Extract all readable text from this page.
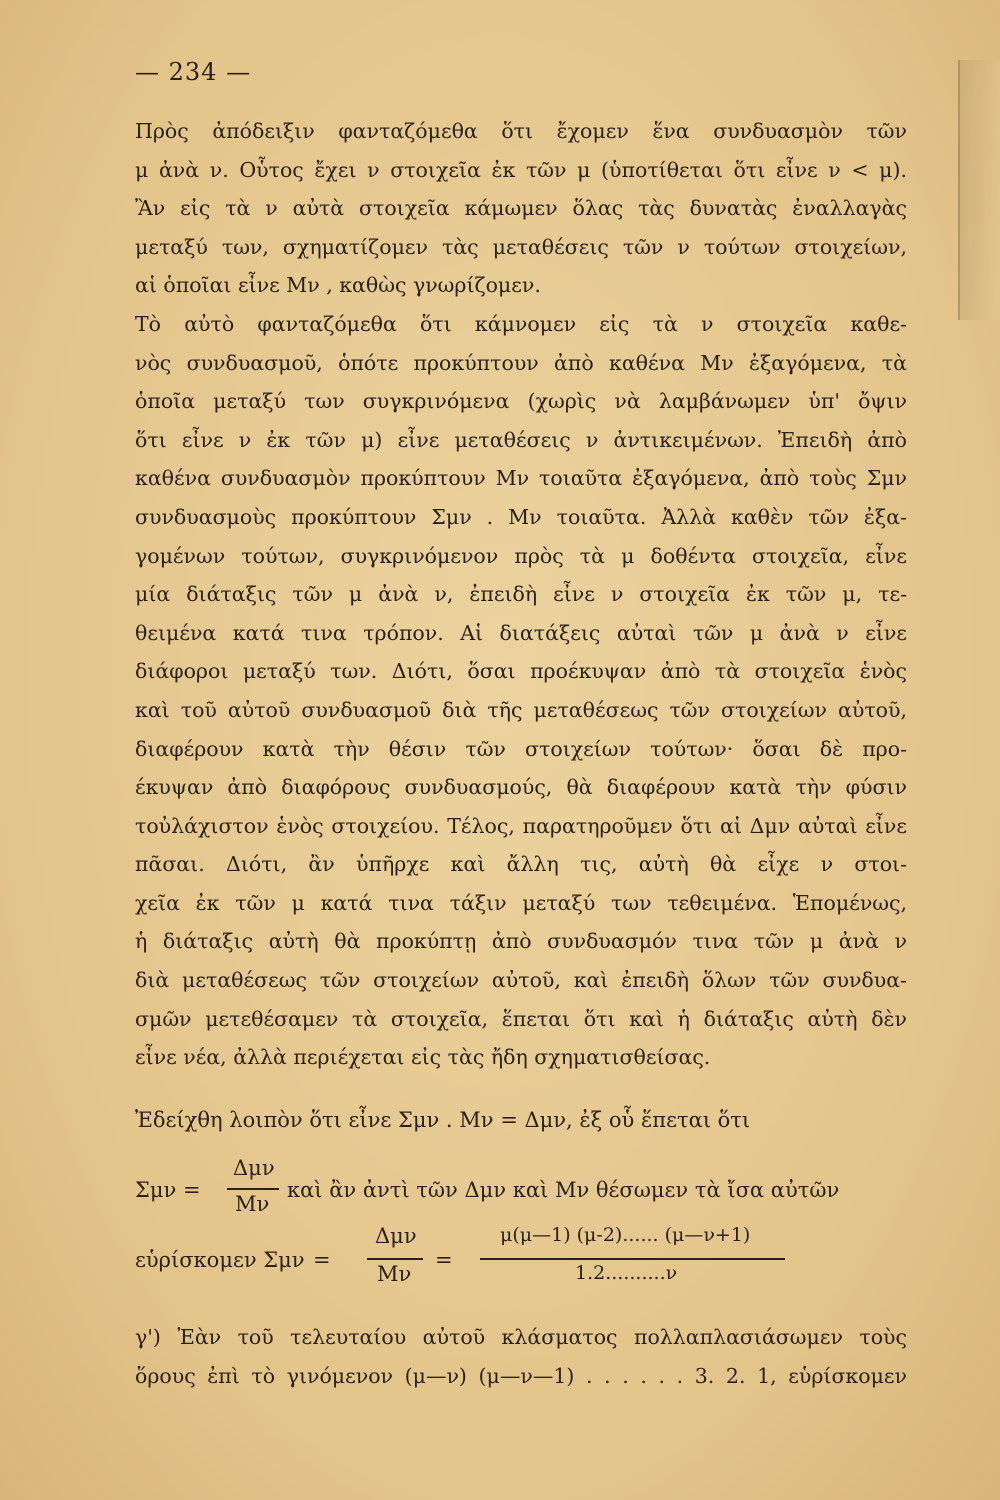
— 234 —
Πρὸς ἀπόδειξιν φανταζόμεθα ὅτι ἔχομεν ἕνα συνδυασμὸν τῶν
μ ἀνὰ ν. Οὗτος ἔχει ν στοιχεῖα ἐκ τῶν μ (ὑποτίθεται ὅτι εἶνε ν < μ).
Ἂν εἰς τὰ ν αὐτὰ στοιχεῖα κάμωμεν ὅλας τὰς δυνατὰς ἐναλλαγὰς
μεταξύ των, σχηματίζομεν τὰς μεταθέσεις τῶν ν τούτων στοιχείων,
αἱ ὁποῖαι εἶνε Mν , καθὼς γνωρίζομεν.
Τὸ αὐτὸ φανταζόμεθα ὅτι κάμνομεν εἰς τὰ ν στοιχεῖα καθε-
νὸς συνδυασμοῦ, ὁπότε προκύπτουν ἀπὸ καθένα Mν ἐξαγόμενα, τὰ
ὁποῖα μεταξύ των συγκρινόμενα (χωρὶς νὰ λαμβάνωμεν ὑπ' ὄψιν
ὅτι εἶνε ν ἐκ τῶν μ) εἶνε μεταθέσεις ν ἀντικειμένων. Ἐπειδὴ ἀπὸ
καθένα συνδυασμὸν προκύπτουν Mν τοιαῦτα ἐξαγόμενα, ἀπὸ τοὺς Σμν
συνδυασμοὺς προκύπτουν Σμν . Mν τοιαῦτα. Ἀλλὰ καθὲν τῶν ἐξα-
γομένων τούτων, συγκρινόμενον πρὸς τὰ μ δοθέντα στοιχεῖα, εἶνε
μία διάταξις τῶν μ ἀνὰ ν, ἐπειδὴ εἶνε ν στοιχεῖα ἐκ τῶν μ, τε-
θειμένα κατά τινα τρόπον. Αἱ διατάξεις αὐταὶ τῶν μ ἀνὰ ν εἶνε
διάφοροι μεταξύ των. Διότι, ὅσαι προέκυψαν ἀπὸ τὰ στοιχεῖα ἑνὸς
καὶ τοῦ αὐτοῦ συνδυασμοῦ διὰ τῆς μεταθέσεως τῶν στοιχείων αὐτοῦ,
διαφέρουν κατὰ τὴν θέσιν τῶν στοιχείων τούτων· ὅσαι δὲ προ-
έκυψαν ἀπὸ διαφόρους συνδυασμούς, θὰ διαφέρουν κατὰ τὴν φύσιν
τοὐλάχιστον ἑνὸς στοιχείου. Τέλος, παρατηροῦμεν ὅτι αἱ Δμν αὐταὶ εἶνε
πᾶσαι. Διότι, ἂν ὑπῆρχε καὶ ἄλλη τις, αὐτὴ θὰ εἶχε ν στοι-
χεῖα ἐκ τῶν μ κατά τινα τάξιν μεταξύ των τεθειμένα. Ἑπομένως,
ἡ διάταξις αὐτὴ θὰ προκύπτῃ ἀπὸ συνδυασμόν τινα τῶν μ ἀνὰ ν
διὰ μεταθέσεως τῶν στοιχείων αὐτοῦ, καὶ ἐπειδὴ ὅλων τῶν συνδυα-
σμῶν μετεθέσαμεν τὰ στοιχεῖα, ἕπεται ὅτι καὶ ἡ διάταξις αὐτὴ δὲν
εἶνε νέα, ἀλλὰ περιέχεται εἰς τὰς ἤδη σχηματισθείσας.
Ἐδείχθη λοιπὸν ὅτι εἶνε Σμν . Mν = Δμν, ἐξ οὗ ἕπεται ὅτι
Σμν =
Δμν
Mν
καὶ ἂν ἀντὶ τῶν Δμν καὶ Mν θέσωμεν τὰ ἴσα αὐτῶν
εὑρίσκομεν Σμν =
Δμν
Mν
=
μ(μ—1) (μ-2)...... (μ—ν+1)
1.2..........ν
γ') Ἐὰν τοῦ τελευταίου αὐτοῦ κλάσματος πολλαπλασιάσωμεν τοὺς
ὅρους ἐπὶ τὸ γινόμενον (μ—ν) (μ—ν—1) . . . . . . 3. 2. 1, εὑρίσκομεν
